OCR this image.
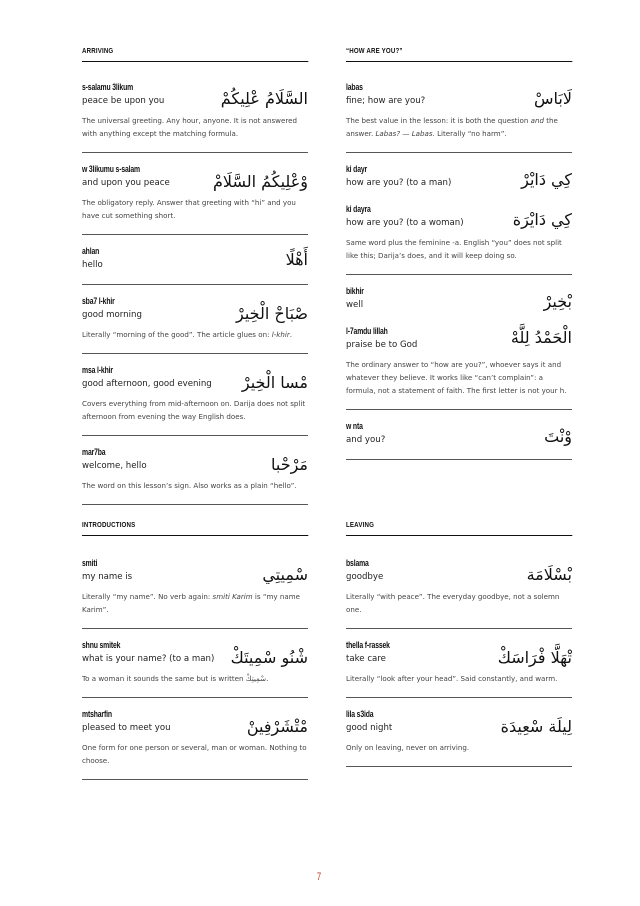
ARRIVING
s-salamu 3likum
peace be upon you	السَّلَامُ عْلِيكُمْ
The universal greeting. Any hour, anyone. It is not answered with anything except the matching formula.
w 3likumu s-salam
and upon you peace	وْعْلِيكُمُ السَّلَامْ
The obligatory reply. Answer that greeting with “hi” and you have cut something short.
ahlan
hello	أَهْلًا
sba7 l-khir
good morning	صْبَاحْ الْخِيرْ
Literally “morning of the good”. The article glues on: l-khir.
msa l-khir
good afternoon, good evening	مْسا الْخِيرْ
Covers everything from mid-afternoon on. Darija does not split afternoon from evening the way English does.
mar7ba
welcome, hello	مَرْحْبا
The word on this lesson’s sign. Also works as a plain “hello”.
“HOW ARE YOU?”
labas
fine; how are you?	لَابَاسْ
The best value in the lesson: it is both the question and the answer. Labas? — Labas. Literally “no harm”.
ki dayr
how are you? (to a man)	كِي دَايْرْ
ki dayra
how are you? (to a woman)	كِي دَايْرَة
Same word plus the feminine -a. English “you” does not split like this; Darija’s does, and it will keep doing so.
bikhir
well	بْخِيرْ
l-7amdu lillah
praise be to God	الْحَمْدُ لِلَّهْ
The ordinary answer to “how are you?”, whoever says it and whatever they believe. It works like “can’t complain”: a formula, not a statement of faith. The first letter is not your h.
w nta
and you?	وْنْتَ
INTRODUCTIONS
smiti
my name is	سْمِيتِي
Literally “my name”. No verb again: smiti Karim is “my name Karim”.
shnu smitek
what is your name? (to a man)	شْنُو سْمِيتَكْ
To a woman it sounds the same but is written سْمِيتِكْ.
mtsharfin
pleased to meet you	مْتْشَرْفِينْ
One form for one person or several, man or woman. Nothing to choose.
LEAVING
bslama
goodbye	بْسْلَامَة
Literally “with peace”. The everyday goodbye, not a solemn one.
thella f-rassek
take care	تْهَلَّا فْرَاسَكْ
Literally “look after your head”. Said constantly, and warm.
lila s3ida
good night	لِيلَة سْعِيدَة
Only on leaving, never on arriving.
7
